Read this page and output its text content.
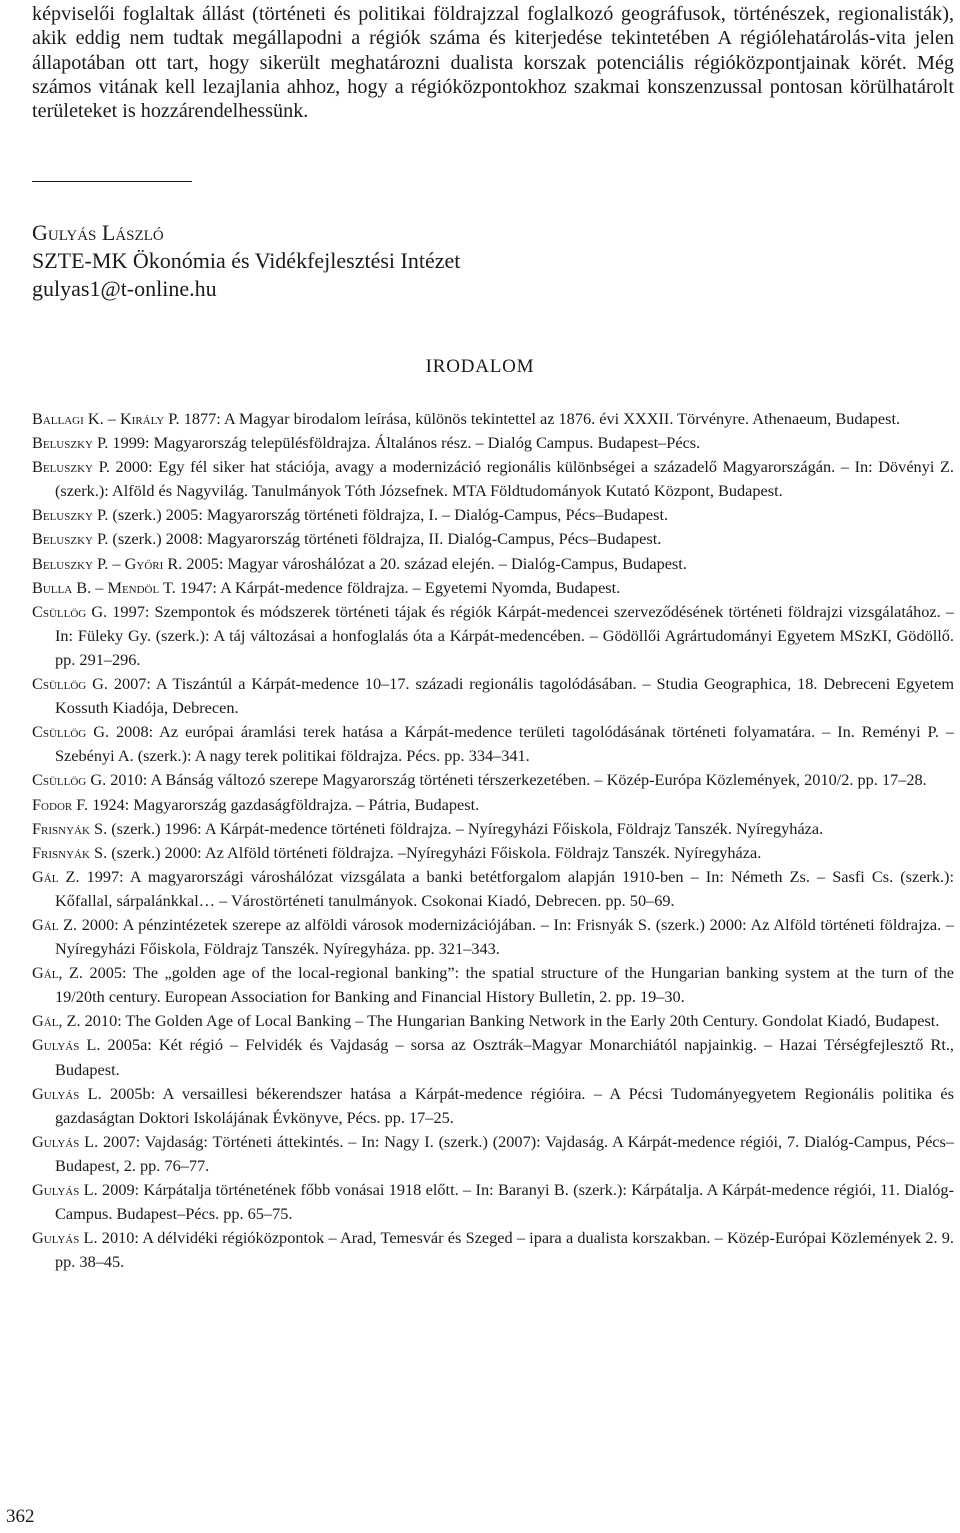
képviselői foglaltak állást (történeti és politikai földrajzzal foglalkozó geográfusok, történészek, regionalisták), akik eddig nem tudtak megállapodni a régiók száma és kiterjedése tekintetében A régiólehatárolás-vita jelen állapotában ott tart, hogy sikerült meghatározni dualista korszak potenciális régióközpontjainak körét. Még számos vitának kell lezajlania ahhoz, hogy a régióközpontokhoz szakmai konszenzussal pontosan körülhatárolt területeket is hozzárendelhessünk.

Gulyás László
SZTE-MK Ökonómia és Vidékfejlesztési Intézet
gulyas1@t-online.hu
IRODALOM
Ballagi K. – Király P. 1877: A Magyar birodalom leírása, különös tekintettel az 1876. évi XXXII. Törvényre. Athenaeum, Budapest.
Beluszky P. 1999: Magyarország településföldrajza. Általános rész. – Dialóg Campus. Budapest–Pécs.
Beluszky P. 2000: Egy fél siker hat stációja, avagy a modernizáció regionális különbségei a századelő Magyarországán. – In: Dövényi Z. (szerk.): Alföld és Nagyvilág. Tanulmányok Tóth Józsefnek. MTA Földtudományok Kutató Központ, Budapest.
Beluszky P. (szerk.) 2005: Magyarország történeti földrajza, I. – Dialóg-Campus, Pécs–Budapest.
Beluszky P. (szerk.) 2008: Magyarország történeti földrajza, II. Dialóg-Campus, Pécs–Budapest.
Beluszky P. – Győri R. 2005: Magyar városhálózat a 20. század elején. – Dialóg-Campus, Budapest.
Bulla B. – Mendöl T. 1947: A Kárpát-medence földrajza. – Egyetemi Nyomda, Budapest.
Csüllög G. 1997: Szempontok és módszerek történeti tájak és régiók Kárpát-medencei szerveződésének történeti földrajzi vizsgálatához. – In: Füleky Gy. (szerk.): A táj változásai a honfoglalás óta a Kárpát-medencében. – Gödöllői Agrártudományi Egyetem MSzKI, Gödöllő. pp. 291–296.
Csüllög G. 2007: A Tiszántúl a Kárpát-medence 10–17. századi regionális tagolódásában. – Studia Geographica, 18. Debreceni Egyetem Kossuth Kiadója, Debrecen.
Csüllög G. 2008: Az európai áramlási terek hatása a Kárpát-medence területi tagolódásának történeti folyamatára. – In. Reményi P. – Szebényi A. (szerk.): A nagy terek politikai földrajza. Pécs. pp. 334–341.
Csüllög G. 2010: A Bánság változó szerepe Magyarország történeti térszerkezetében. – Közép-Európa Közlemények, 2010/2. pp. 17–28.
Fodor F. 1924: Magyarország gazdaságföldrajza. – Pátria, Budapest.
Frisnyák S. (szerk.) 1996: A Kárpát-medence történeti földrajza. – Nyíregyházi Főiskola, Földrajz Tanszék. Nyíregyháza.
Frisnyák S. (szerk.) 2000: Az Alföld történeti földrajza. –Nyíregyházi Főiskola. Földrajz Tanszék. Nyíregyháza.
Gál Z. 1997: A magyarországi városhálózat vizsgálata a banki betétforgalom alapján 1910-ben – In: Németh Zs. – Sasfi Cs. (szerk.): Kőfallal, sárpalánkkal… – Várostörténeti tanulmányok. Csokonai Kiadó, Debrecen. pp. 50–69.
Gál Z. 2000: A pénzintézetek szerepe az alföldi városok modernizációjában. – In: Frisnyák S. (szerk.) 2000: Az Alföld történeti földrajza. –Nyíregyházi Főiskola, Földrajz Tanszék. Nyíregyháza. pp. 321–343.
Gál, Z. 2005: The „golden age of the local-regional banking”: the spatial structure of the Hungarian banking system at the turn of the 19/20th century. European Association for Banking and Financial History Bulletin, 2. pp. 19–30.
Gál, Z. 2010: The Golden Age of Local Banking – The Hungarian Banking Network in the Early 20th Century. Gondolat Kiadó, Budapest.
Gulyás L. 2005a: Két régió – Felvidék és Vajdaság – sorsa az Osztrák–Magyar Monarchiától napjainkig. – Hazai Térségfejlesztő Rt., Budapest.
Gulyás L. 2005b: A versaillesi békerendszer hatása a Kárpát-medence régióira. – A Pécsi Tudományegyetem Regionális politika és gazdaságtan Doktori Iskolájának Évkönyve, Pécs. pp. 17–25.
Gulyás L. 2007: Vajdaság: Történeti áttekintés. – In: Nagy I. (szerk.) (2007): Vajdaság. A Kárpát-medence régiói, 7. Dialóg-Campus, Pécs–Budapest, 2. pp. 76–77.
Gulyás L. 2009: Kárpátalja történetének főbb vonásai 1918 előtt. – In: Baranyi B. (szerk.): Kárpátalja. A Kárpát-medence régiói, 11. Dialóg-Campus. Budapest–Pécs. pp. 65–75.
Gulyás L. 2010: A délvidéki régióközpontok – Arad, Temesvár és Szeged – ipara a dualista korszakban. – Közép-Európai Közlemények 2. 9. pp. 38–45.
362
